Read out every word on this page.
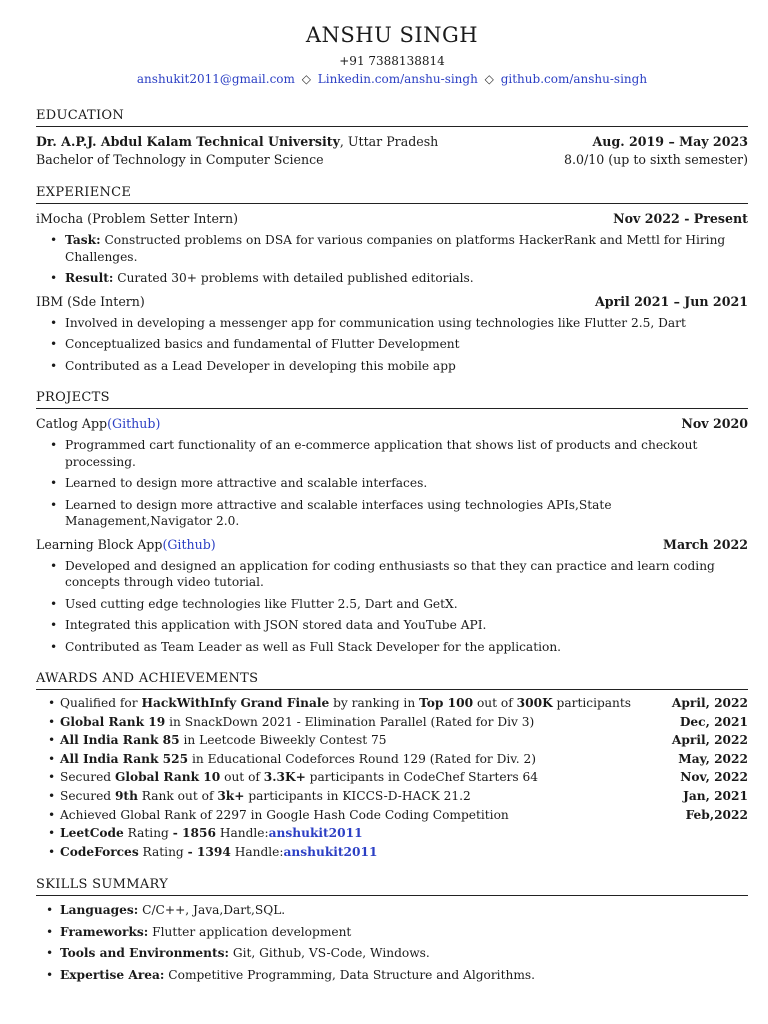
ANSHU SINGH
+91 7388138814
anshukit2011@gmail.com ◇ Linkedin.com/anshu-singh ◇ github.com/anshu-singh
EDUCATION
Dr. A.P.J. Abdul Kalam Technical University, Uttar Pradesh	Aug. 2019 – May 2023
Bachelor of Technology in Computer Science	8.0/10 (up to sixth semester)
EXPERIENCE
iMocha (Problem Setter Intern)	Nov 2022 - Present
• Task: Constructed problems on DSA for various companies on platforms HackerRank and Mettl for Hiring Challenges.
• Result: Curated 30+ problems with detailed published editorials.
IBM (Sde Intern)	April 2021 – Jun 2021
• Involved in developing a messenger app for communication using technologies like Flutter 2.5, Dart
• Conceptualized basics and fundamental of Flutter Development
• Contributed as a Lead Developer in developing this mobile app
PROJECTS
Catlog App(Github)	Nov 2020
• Programmed cart functionality of an e-commerce application that shows list of products and checkout processing.
• Learned to design more attractive and scalable interfaces.
• Learned to design more attractive and scalable interfaces using technologies APIs,State Management,Navigator 2.0.
Learning Block App(Github)	March 2022
• Developed and designed an application for coding enthusiasts so that they can practice and learn coding concepts through video tutorial.
• Used cutting edge technologies like Flutter 2.5, Dart and GetX.
• Integrated this application with JSON stored data and YouTube API.
• Contributed as Team Leader as well as Full Stack Developer for the application.
AWARDS AND ACHIEVEMENTS
• Qualified for HackWithInfy Grand Finale by ranking in Top 100 out of 300K participants	April, 2022
• Global Rank 19 in SnackDown 2021 - Elimination Parallel (Rated for Div 3)	Dec, 2021
• All India Rank 85 in Leetcode Biweekly Contest 75	April, 2022
• All India Rank 525 in Educational Codeforces Round 129 (Rated for Div. 2)	May, 2022
• Secured Global Rank 10 out of 3.3K+ participants in CodeChef Starters 64	Nov, 2022
• Secured 9th Rank out of 3k+ participants in KICCS-D-HACK 21.2	Jan, 2021
• Achieved Global Rank of 2297 in Google Hash Code Coding Competition	Feb,2022
• LeetCode Rating - 1856 Handle:anshukit2011
• CodeForces Rating - 1394 Handle:anshukit2011
SKILLS SUMMARY
• Languages: C/C++, Java,Dart,SQL.
• Frameworks: Flutter application development
• Tools and Environments: Git, Github, VS-Code, Windows.
• Expertise Area: Competitive Programming, Data Structure and Algorithms.
